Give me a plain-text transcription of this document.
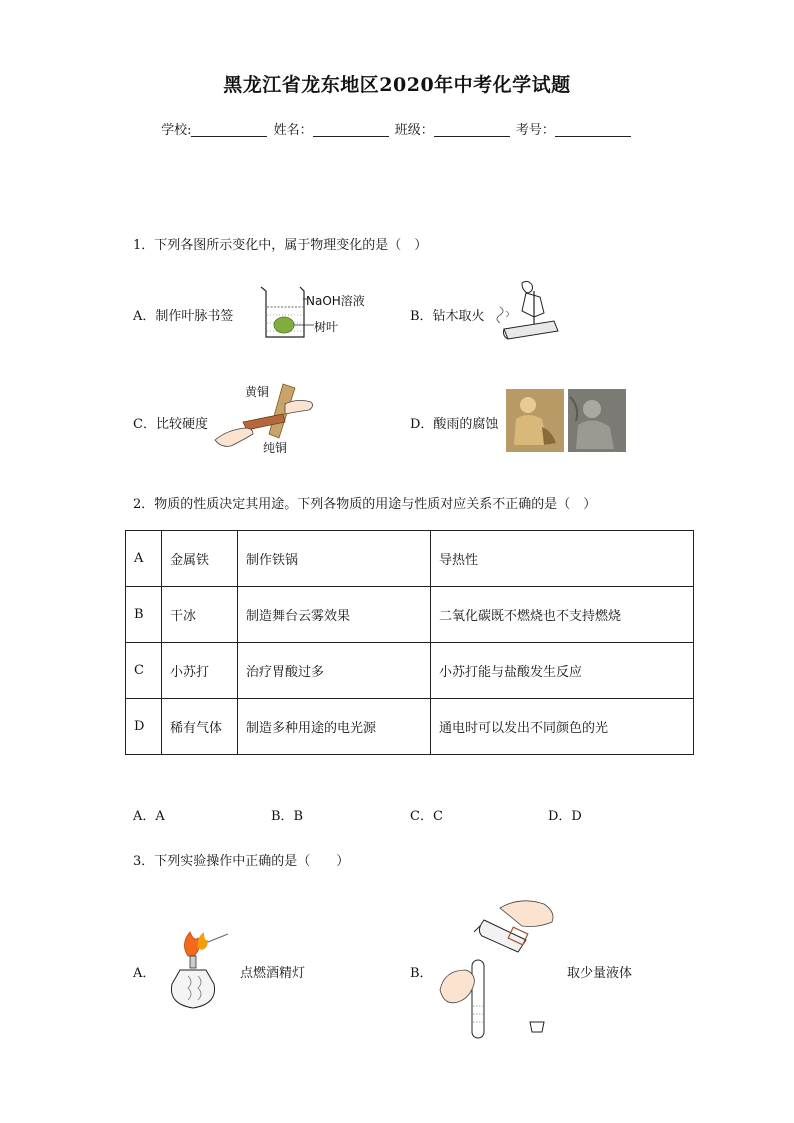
黑龙江省龙东地区2020年中考化学试题
学校:	姓名：	班级：	考号：
1．下列各图所示变化中，属于物理变化的是（　）
A．制作叶脉书签
NaOH溶液
树叶
B．钻木取火
C．比较硬度
黄铜
纯铜
D．酸雨的腐蚀
2．物质的性质决定其用途。下列各物质的用途与性质对应关系不正确的是（　）
A	金属铁	制作铁锅	导热性
B	干冰	制造舞台云雾效果	二氧化碳既不燃烧也不支持燃烧
C	小苏打	治疗胃酸过多	小苏打能与盐酸发生反应
D	稀有气体	制造多种用途的电光源	通电时可以发出不同颜色的光
A．A	B．B	C．C	D．D
3．下列实验操作中正确的是（　　）
A．	点燃酒精灯	B．	取少量液体
